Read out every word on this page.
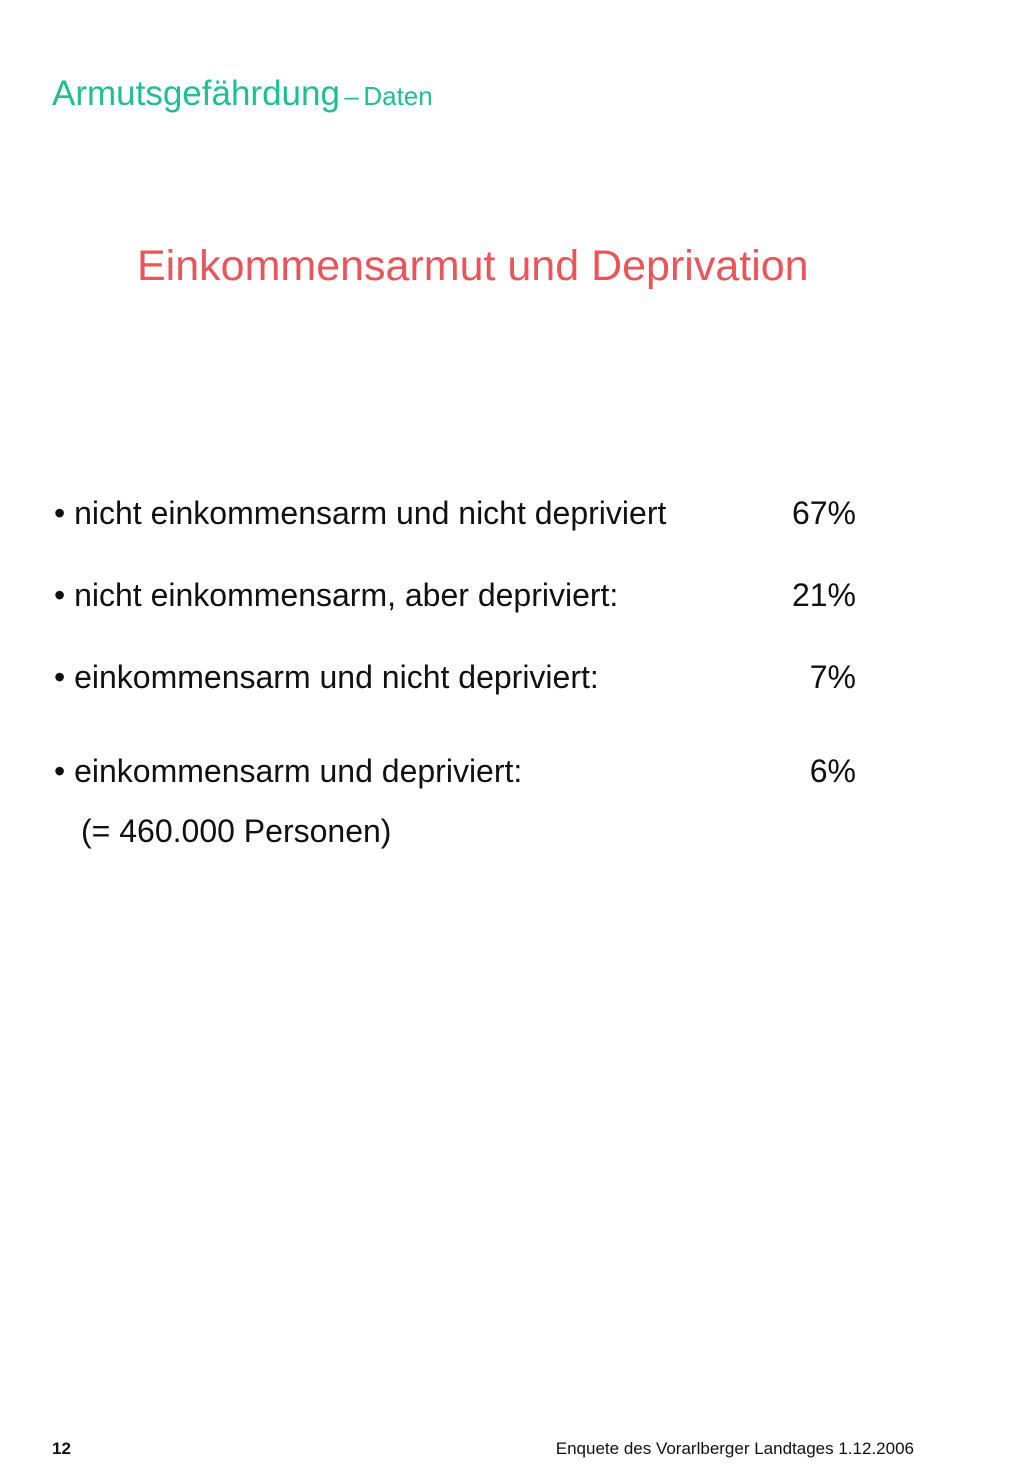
Armutsgefährdung – Daten
Einkommensarmut und Deprivation
• nicht einkommensarm und nicht depriviert	67%
• nicht einkommensarm, aber depriviert:	21%
• einkommensarm und nicht depriviert:	7%
• einkommensarm und depriviert:	6%
(= 460.000 Personen)
12	Enquete des Vorarlberger Landtages 1.12.2006
